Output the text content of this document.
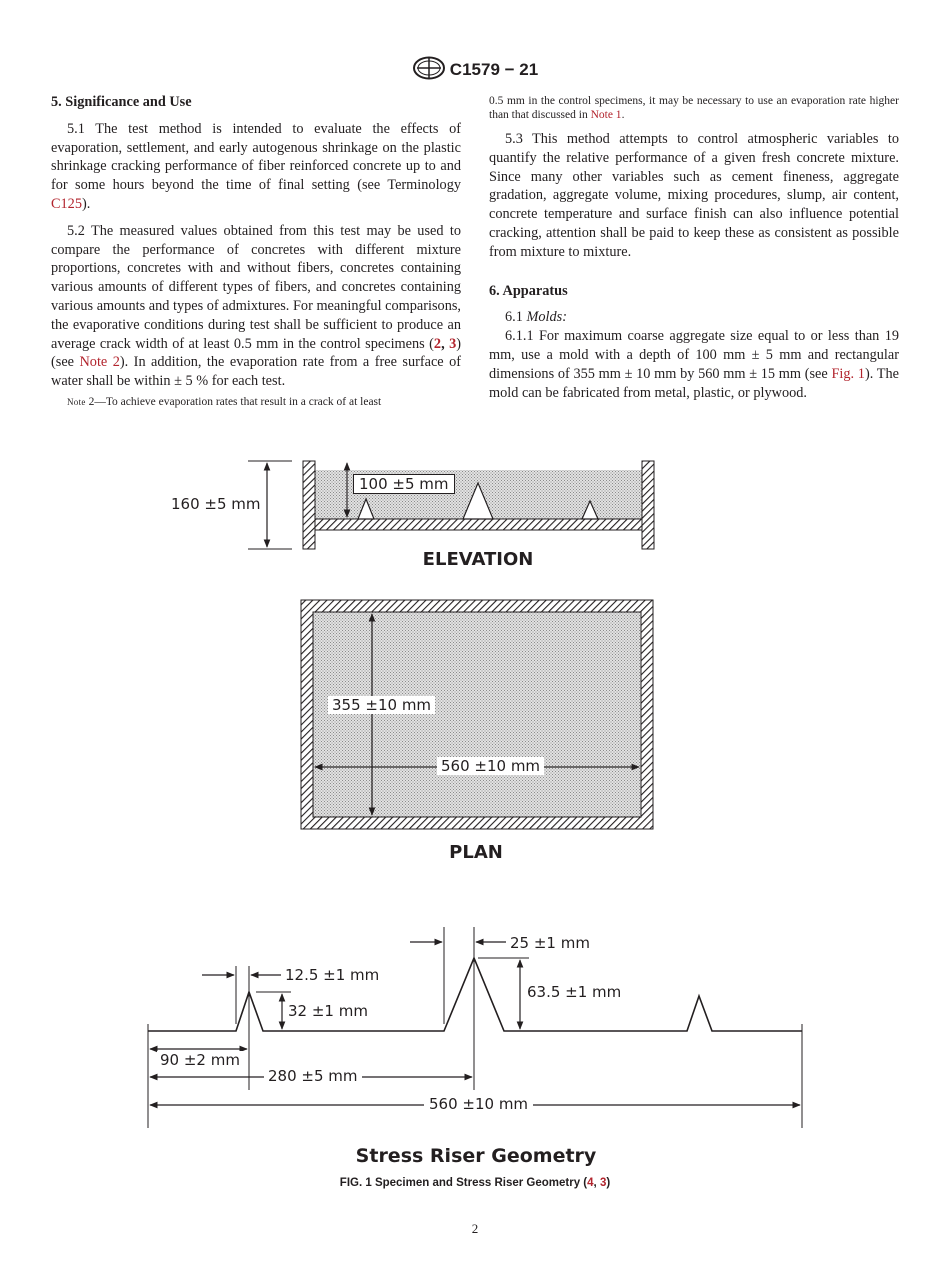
C1579 − 21

5. Significance and Use

5.1 The test method is intended to evaluate the effects of evaporation, settlement, and early autogenous shrinkage on the plastic shrinkage cracking performance of fiber reinforced concrete up to and for some hours beyond the time of final setting (see Terminology C125).

5.2 The measured values obtained from this test may be used to compare the performance of concretes with different mixture proportions, concretes with and without fibers, concretes containing various amounts of different types of fibers, and concretes containing various amounts and types of admixtures. For meaningful comparisons, the evaporative conditions during test shall be sufficient to produce an average crack width of at least 0.5 mm in the control specimens (2, 3) (see Note 2). In addition, the evaporation rate from a free surface of water shall be within ± 5 % for each test.

Note 2—To achieve evaporation rates that result in a crack of at least

0.5 mm in the control specimens, it may be necessary to use an evaporation rate higher than that discussed in Note 1.

5.3 This method attempts to control atmospheric variables to quantify the relative performance of a given fresh concrete mixture. Since many other variables such as cement fineness, aggregate gradation, aggregate volume, mixing procedures, slump, air content, concrete temperature and surface finish can also influence potential cracking, attention shall be paid to keep these as consistent as possible from mixture to mixture.

6. Apparatus

6.1 Molds:

6.1.1 For maximum coarse aggregate size equal to or less than 19 mm, use a mold with a depth of 100 mm ± 5 mm and rectangular dimensions of 355 mm ± 10 mm by 560 mm ± 15 mm (see Fig. 1). The mold can be fabricated from metal, plastic, or plywood.

160 ±5 mm
100 ±5 mm
ELEVATION
355 ±10 mm
560 ±10 mm
PLAN
12.5 ±1 mm
32 ±1 mm
25 ±1 mm
63.5 ±1 mm
90 ±2 mm
280 ±5 mm
560 ±10 mm
Stress Riser Geometry
FIG. 1 Specimen and Stress Riser Geometry (4, 3)
2
